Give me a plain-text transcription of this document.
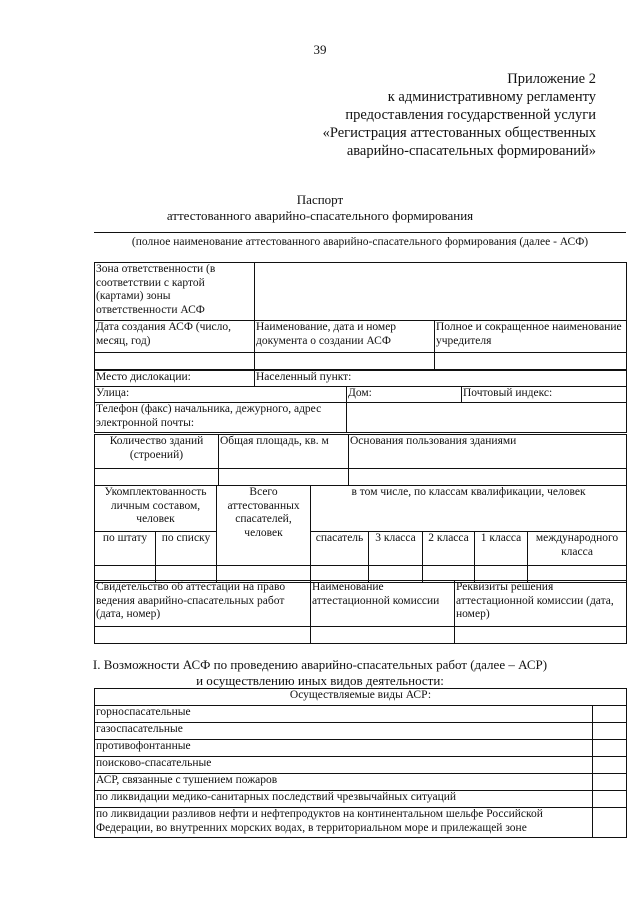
39
Приложение 2
к административному регламенту
предоставления государственной услуги
«Регистрация аттестованных общественных
аварийно-спасательных формирований»
Паспорт
аттестованного аварийно-спасательного формирования
(полное наименование аттестованного аварийно-спасательного формирования (далее - АСФ)
Зона ответственности (в соответствии с картой (картами) зоны ответственности АСФ		
Дата создания АСФ (число, месяц, год)	Наименование, дата и номер документа о создании АСФ	Полное и сокращенное наименование учредителя

Место дислокации:	Населенный пункт:		
Улица:		Дом:	Почтовый индекс:
Телефон (факс) начальника, дежурного, адрес электронной почты:			
Количество зданий (строений)	Общая площадь, кв. м	Основания пользования зданиями

Укомплектованность личным составом, человек		Всего аттестованных спасателей, человек	в том числе, по классам квалификации, человек				
по штату	по списку		спасатель	3 класса	2 класса	1 класса	международного класса

Свидетельство об аттестации на право ведения аварийно-спасательных работ (дата, номер)	Наименование аттестационной комиссии	Реквизиты решения аттестационной комиссии (дата, номер)

I. Возможности АСФ по проведению аварийно-спасательных работ (далее – АСР)
и осуществлению иных видов деятельности:
Осуществляемые виды АСР:	
горноспасательные	
газоспасательные	
противофонтанные	
поисково-спасательные	
АСР, связанные с тушением пожаров	
по ликвидации медико-санитарных последствий чрезвычайных ситуаций	
по ликвидации разливов нефти и нефтепродуктов на континентальном шельфе Российской Федерации, во внутренних морских водах, в территориальном море и прилежащей зоне	
